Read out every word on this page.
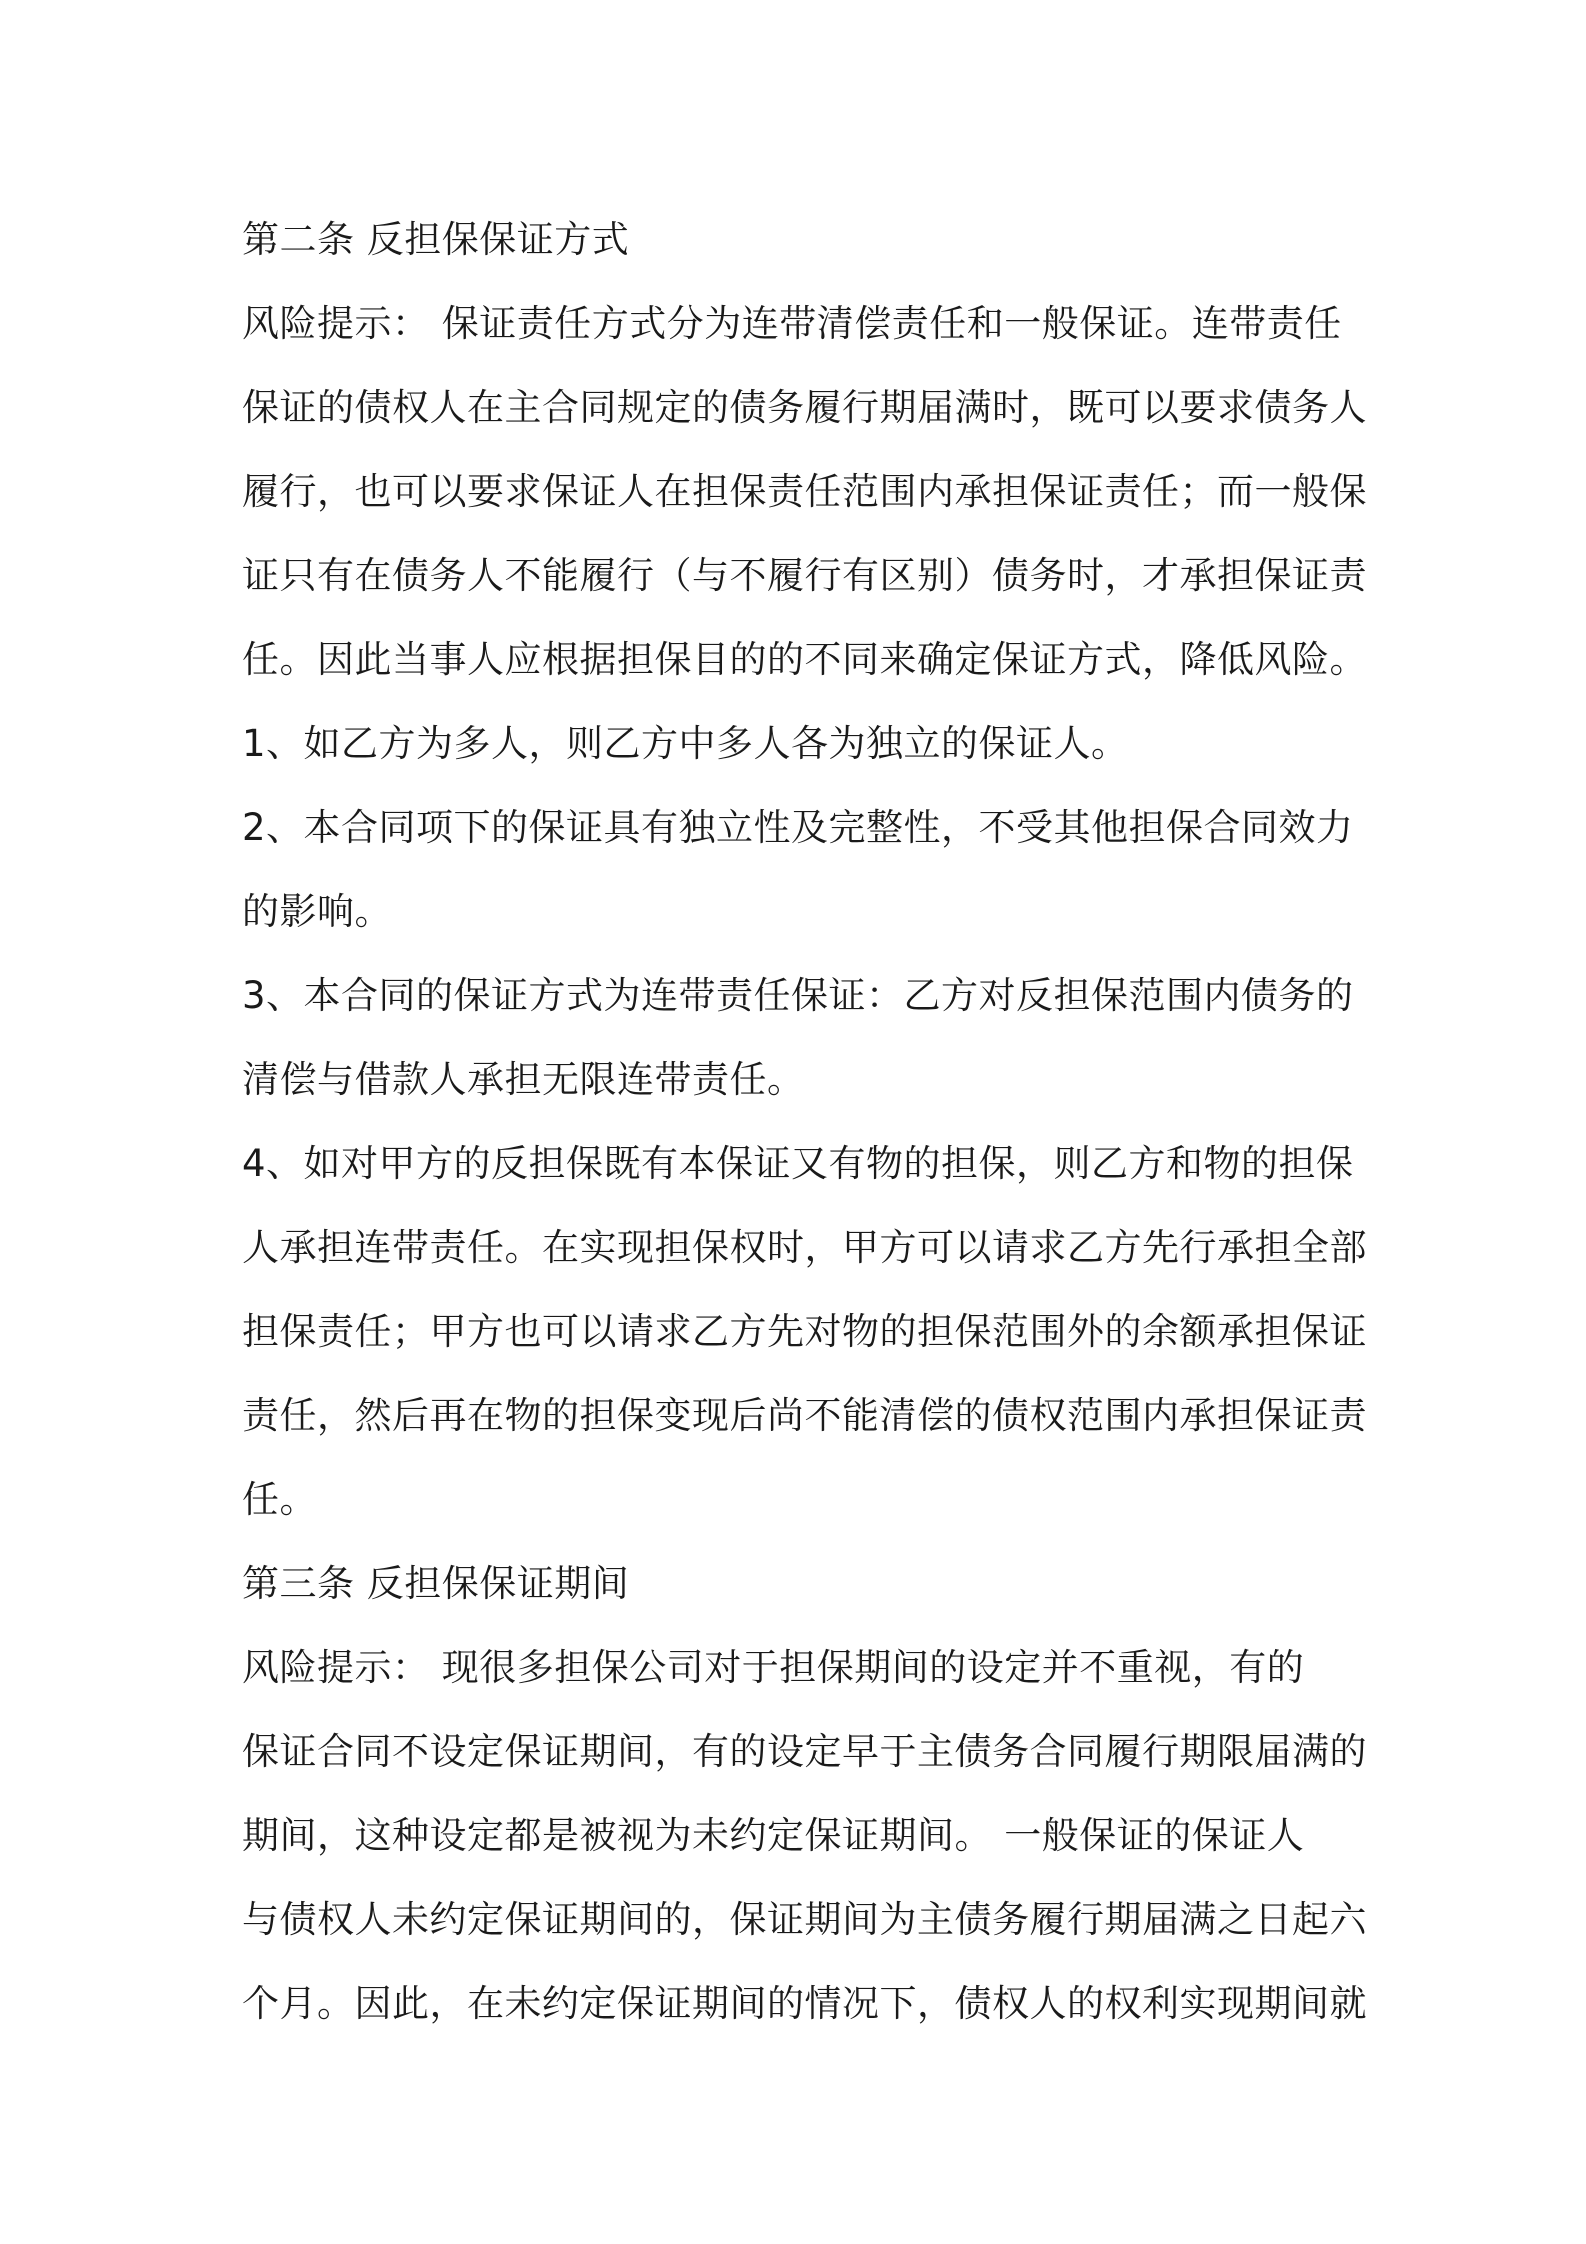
第二条 反担保保证方式
风险提示： 保证责任方式分为连带清偿责任和一般保证。连带责任
保证的债权人在主合同规定的债务履行期届满时，既可以要求债务人
履行，也可以要求保证人在担保责任范围内承担保证责任；而一般保
证只有在债务人不能履行（与不履行有区别）债务时，才承担保证责
任。因此当事人应根据担保目的的不同来确定保证方式，降低风险。
1、如乙方为多人，则乙方中多人各为独立的保证人。
2、本合同项下的保证具有独立性及完整性，不受其他担保合同效力
的影响。
3、本合同的保证方式为连带责任保证：乙方对反担保范围内债务的
清偿与借款人承担无限连带责任。
4、如对甲方的反担保既有本保证又有物的担保，则乙方和物的担保
人承担连带责任。在实现担保权时，甲方可以请求乙方先行承担全部
担保责任；甲方也可以请求乙方先对物的担保范围外的余额承担保证
责任，然后再在物的担保变现后尚不能清偿的债权范围内承担保证责
任。
第三条 反担保保证期间
风险提示： 现很多担保公司对于担保期间的设定并不重视，有的
保证合同不设定保证期间，有的设定早于主债务合同履行期限届满的
期间，这种设定都是被视为未约定保证期间。 一般保证的保证人
与债权人未约定保证期间的，保证期间为主债务履行期届满之日起六
个月。因此，在未约定保证期间的情况下，债权人的权利实现期间就
